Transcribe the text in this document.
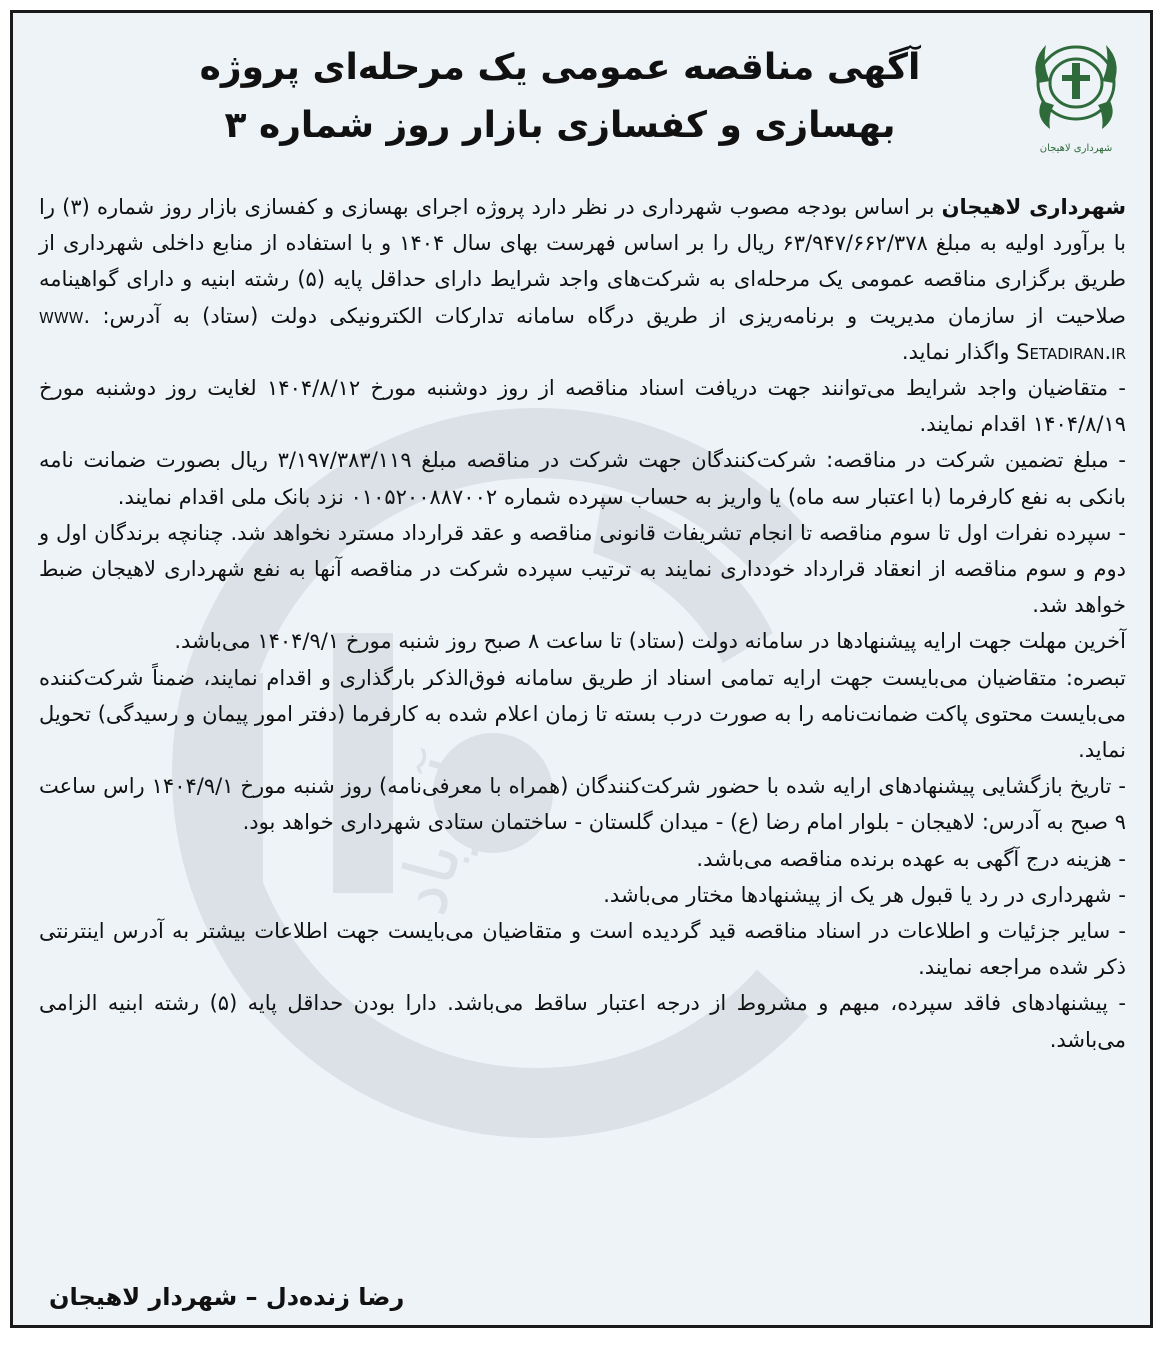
آذرباد
شهرداری لاهیجان
آگهی مناقصه عمومی یک مرحله‌ای پروژه
بهسازی و کفسازی بازار روز شماره ۳

شهرداری لاهیجان بر اساس بودجه مصوب شهرداری در نظر دارد پروژه اجرای بهسازی و کفسازی بازار روز شماره (۳) را با برآورد اولیه به مبلغ ۶۳/۹۴۷/۶۶۲/۳۷۸ ریال را بر اساس فهرست بهای سال ۱۴۰۴ و با استفاده از منابع داخلی شهرداری از طریق برگزاری مناقصه عمومی یک مرحله‌ای به شرکت‌های واجد شرایط دارای حداقل پایه (۵) رشته ابنیه و دارای گواهینامه صلاحیت از سازمان مدیریت و برنامه‌ریزی از طریق درگاه سامانه تدارکات الکترونیکی دولت (ستاد) به آدرس: www. Setadiran.ir واگذار نماید.

- متقاضیان واجد شرایط می‌توانند جهت دریافت اسناد مناقصه از روز دوشنبه مورخ ۱۴۰۴/۸/۱۲ لغایت روز دوشنبه مورخ ۱۴۰۴/۸/۱۹ اقدام نمایند.

- مبلغ تضمین شرکت در مناقصه: شرکت‌کنندگان جهت شرکت در مناقصه مبلغ ۳/۱۹۷/۳۸۳/۱۱۹ ریال بصورت ضمانت نامه بانکی به نفع کارفرما (با اعتبار سه ماه) یا واریز به حساب سپرده شماره ۰۱۰۵۲۰۰۸۸۷۰۰۲ نزد بانک ملی اقدام نمایند.

- سپرده نفرات اول تا سوم مناقصه تا انجام تشریفات قانونی مناقصه و عقد قرارداد مسترد نخواهد شد. چنانچه برندگان اول و دوم و سوم مناقصه از انعقاد قرارداد خودداری نمایند به ترتیب سپرده شرکت در مناقصه آنها به نفع شهرداری لاهیجان ضبط خواهد شد.

آخرین مهلت جهت ارایه پیشنهادها در سامانه دولت (ستاد) تا ساعت ۸ صبح روز شنبه مورخ ۱۴۰۴/۹/۱ می‌باشد.

تبصره: متقاضیان می‌بایست جهت ارایه تمامی اسناد از طریق سامانه فوق‌الذکر بارگذاری و اقدام نمایند، ضمناً شرکت‌کننده می‌بایست محتوی پاکت ضمانت‌نامه را به صورت درب بسته تا زمان اعلام شده به کارفرما (دفتر امور پیمان و رسیدگی) تحویل نماید.

- تاریخ بازگشایی پیشنهادهای ارایه شده با حضور شرکت‌کنندگان (همراه با معرفی‌نامه) روز شنبه مورخ ۱۴۰۴/۹/۱ راس ساعت ۹ صبح به آدرس: لاهیجان - بلوار امام رضا (ع) - میدان گلستان - ساختمان ستادی شهرداری خواهد بود.

- هزینه درج آگهی به عهده برنده مناقصه می‌باشد.

- شهرداری در رد یا قبول هر یک از پیشنهادها مختار می‌باشد.

- سایر جزئیات و اطلاعات در اسناد مناقصه قید گردیده است و متقاضیان می‌بایست جهت اطلاعات بیشتر به آدرس اینترنتی ذکر شده مراجعه نمایند.

- پیشنهادهای فاقد سپرده، مبهم و مشروط از درجه اعتبار ساقط می‌باشد. دارا بودن حداقل پایه (۵) رشته ابنیه الزامی می‌باشد.

رضا زنده‌دل – شهردار لاهیجان
